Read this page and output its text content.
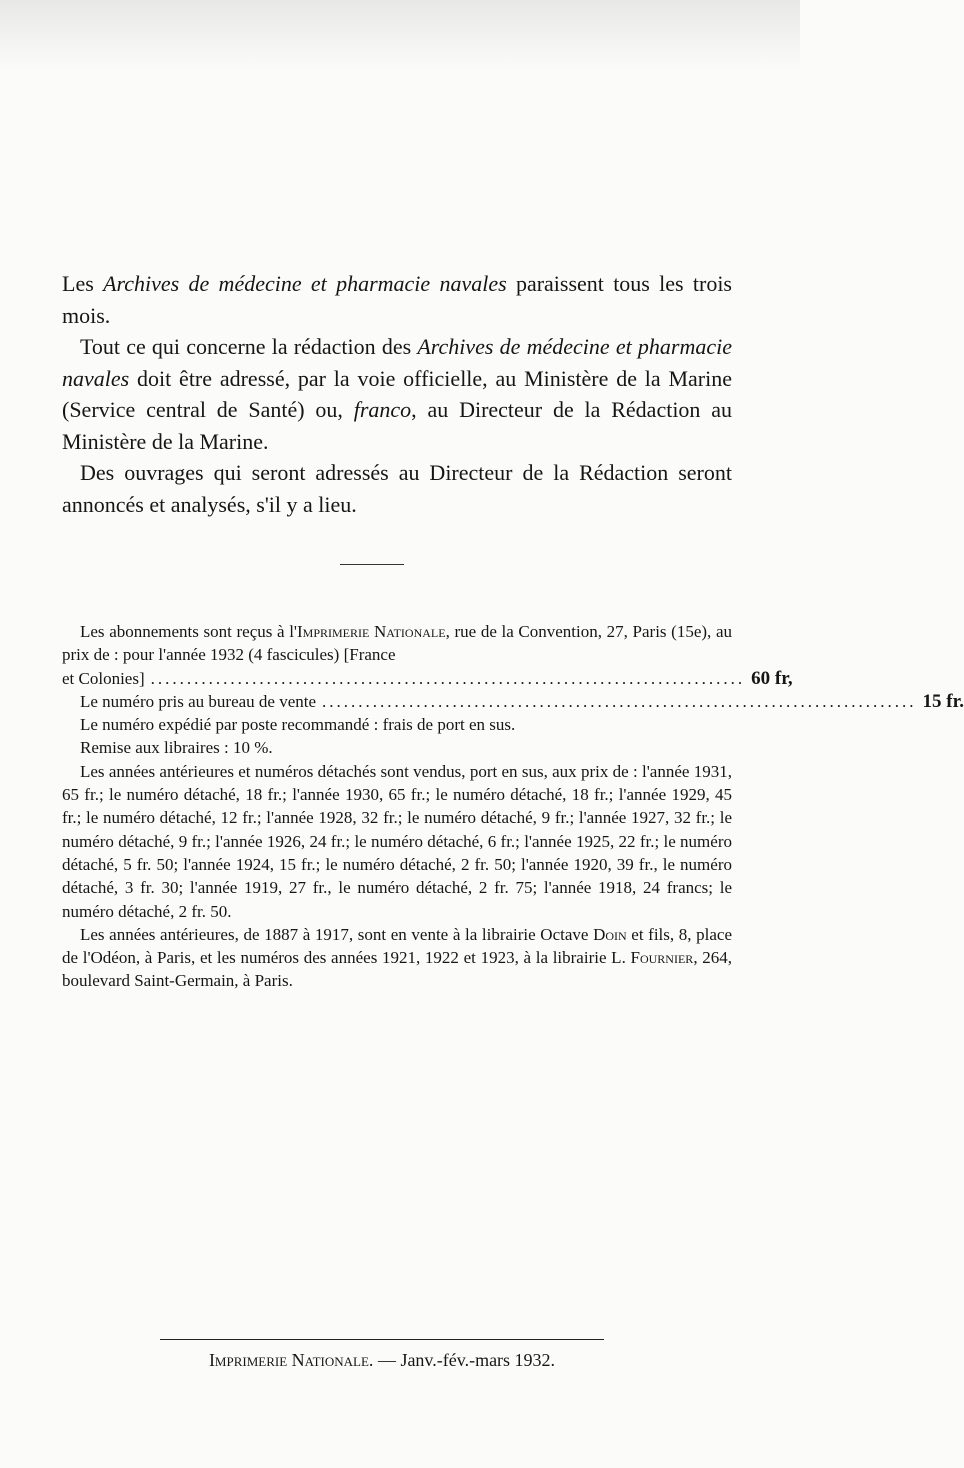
Les Archives de médecine et pharmacie navales paraissent tous les trois mois.

Tout ce qui concerne la rédaction des Archives de médecine et pharmacie navales doit être adressé, par la voie officielle, au Ministère de la Marine (Service central de Santé) ou, franco, au Directeur de la Rédaction au Ministère de la Marine.

Des ouvrages qui seront adressés au Directeur de la Rédaction seront annoncés et analysés, s'il y a lieu.

Les abonnements sont reçus à l'Imprimerie Nationale, rue de la Convention, 27, Paris (15e), au prix de : pour l'année 1932 (4 fascicules) [France

et Colonies] .................................................................................. 60 fr,
Le numéro pris au bureau de vente .................................................................................. 15 fr.

Le numéro expédié par poste recommandé : frais de port en sus.

Remise aux libraires : 10 %.

Les années antérieures et numéros détachés sont vendus, port en sus, aux prix de : l'année 1931, 65 fr.; le numéro détaché, 18 fr.; l'année 1930, 65 fr.; le numéro détaché, 18 fr.; l'année 1929, 45 fr.; le numéro détaché, 12 fr.; l'année 1928, 32 fr.; le numéro détaché, 9 fr.; l'année 1927, 32 fr.; le numéro détaché, 9 fr.; l'année 1926, 24 fr.; le numéro détaché, 6 fr.; l'année 1925, 22 fr.; le numéro détaché, 5 fr. 50; l'année 1924, 15 fr.; le numéro détaché, 2 fr. 50; l'année 1920, 39 fr., le numéro détaché, 3 fr. 30; l'année 1919, 27 fr., le numéro détaché, 2 fr. 75; l'année 1918, 24 francs; le numéro détaché, 2 fr. 50.

Les années antérieures, de 1887 à 1917, sont en vente à la librairie Octave Doin et fils, 8, place de l'Odéon, à Paris, et les numéros des années 1921, 1922 et 1923, à la librairie L. Fournier, 264, boulevard Saint-Germain, à Paris.

Imprimerie Nationale. — Janv.-fév.-mars 1932.
